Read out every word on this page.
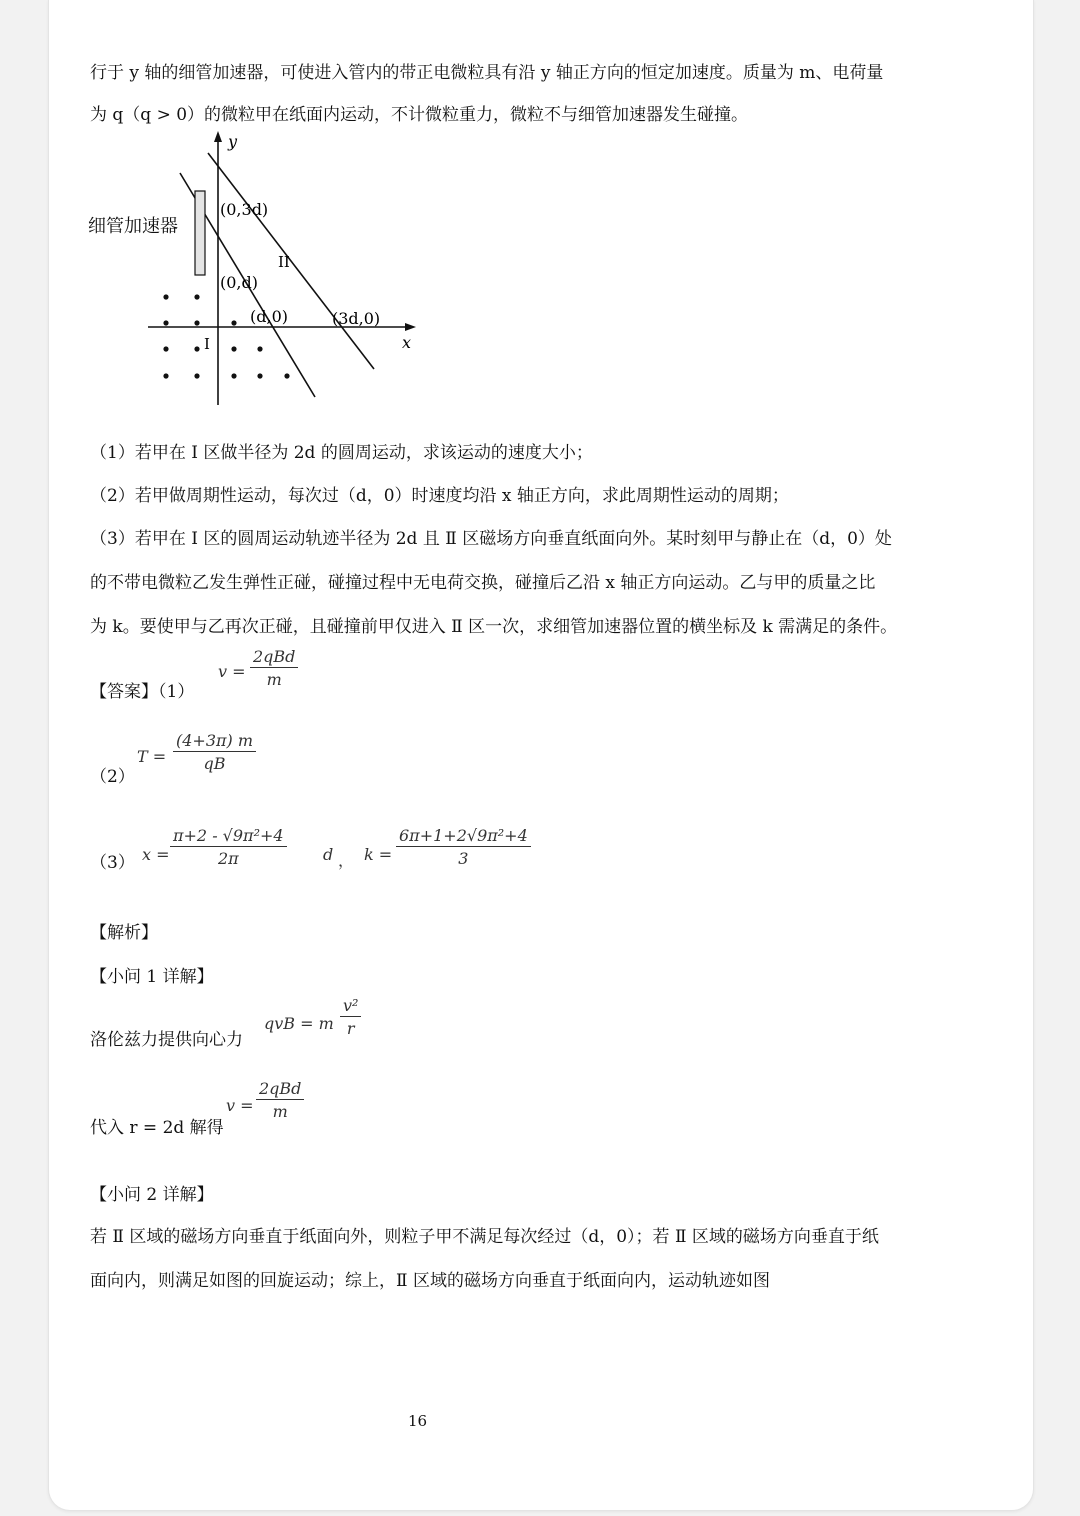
行于 y 轴的细管加速器，可使进入管内的带正电微粒具有沿 y 轴正方向的恒定加速度。质量为 m、电荷量
为 q（q > 0）的微粒甲在纸面内运动，不计微粒重力，微粒不与细管加速器发生碰撞。
y
x
(0,3d)
(0,d)
(d,0)	(3d,0)
II
I
细管加速器
（1）若甲在 Ⅰ 区做半径为 2d 的圆周运动，求该运动的速度大小；
（2）若甲做周期性运动，每次过（d，0）时速度均沿 x 轴正方向，求此周期性运动的周期；
（3）若甲在 Ⅰ 区的圆周运动轨迹半径为 2d 且 Ⅱ 区磁场方向垂直纸面向外。某时刻甲与静止在（d，0）处
的不带电微粒乙发生弹性正碰，碰撞过程中无电荷交换，碰撞后乙沿 x 轴正方向运动。乙与甲的质量之比
为 k。要使甲与乙再次正碰，且碰撞前甲仅进入 Ⅱ 区一次，求细管加速器位置的横坐标及 k 需满足的条件。
【答案】（1）
v =
2qBd
m
（2）
$T = \frac{(4+3\pi) m}{qB}$
（3） $x = \frac{\text{π+2 - √9π²+4}}{2\pi}$ d ， $k = \frac{\text{6π+1+2√9π²+4}}{3}$
【解析】
【小问 1 详解】
洛伦兹力提供向心力
qvB = m $\frac{\text{v²}}{r}$
代入 r = 2d 解得
v =
2qBd
m
【小问 2 详解】
若 Ⅱ 区域的磁场方向垂直于纸面向外，则粒子甲不满足每次经过（d，0）；若 Ⅱ 区域的磁场方向垂直于纸
面向内，则满足如图的回旋运动；综上，Ⅱ 区域的磁场方向垂直于纸面向内，运动轨迹如图
16
